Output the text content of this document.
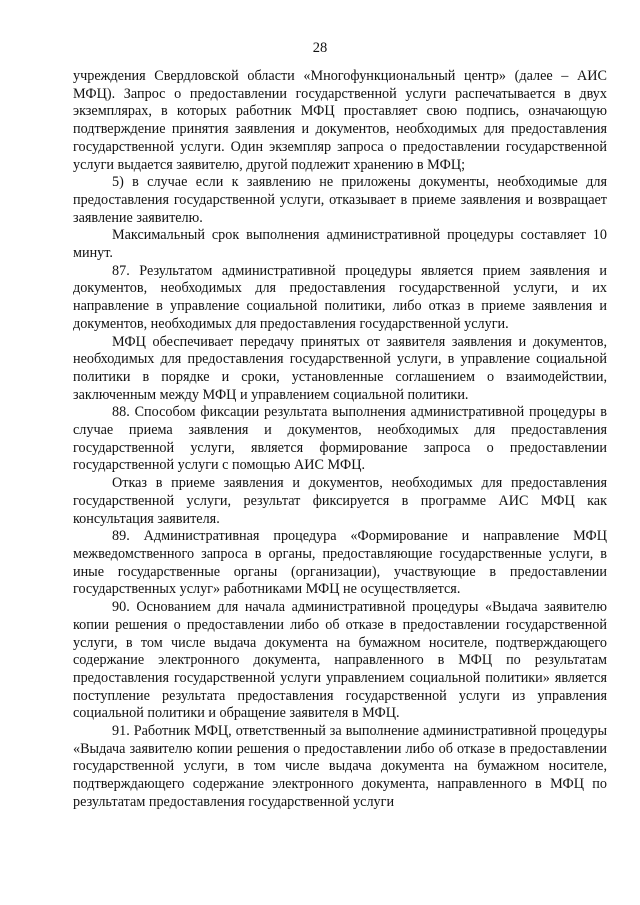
28

учреждения Свердловской области «Многофункциональный центр» (далее – АИС МФЦ). Запрос о предоставлении государственной услуги распечатывается в двух экземплярах, в которых работник МФЦ проставляет свою подпись, означающую подтверждение принятия заявления и документов, необходимых для предоставления государственной услуги. Один экземпляр запроса о предоставлении государственной услуги выдается заявителю, другой подлежит хранению в МФЦ;

5) в случае если к заявлению не приложены документы, необходимые для предоставления государственной услуги, отказывает в приеме заявления и возвращает заявление заявителю.

Максимальный срок выполнения административной процедуры составляет 10 минут.

87. Результатом административной процедуры является прием заявления и документов, необходимых для предоставления государственной услуги, и их направление в управление социальной политики, либо отказ в приеме заявления и документов, необходимых для предоставления государственной услуги.

МФЦ обеспечивает передачу принятых от заявителя заявления и документов, необходимых для предоставления государственной услуги, в управление социальной политики в порядке и сроки, установленные соглашением о взаимодействии, заключенным между МФЦ и управлением социальной политики.

88. Способом фиксации результата выполнения административной процедуры в случае приема заявления и документов, необходимых для предоставления государственной услуги, является формирование запроса о предоставлении государственной услуги с помощью АИС МФЦ.

Отказ в приеме заявления и документов, необходимых для предоставления государственной услуги, результат фиксируется в программе АИС МФЦ как консультация заявителя.

89. Административная процедура «Формирование и направление МФЦ межведомственного запроса в органы, предоставляющие государственные услуги, в иные государственные органы (организации), участвующие в предоставлении государственных услуг» работниками МФЦ не осуществляется.

90. Основанием для начала административной процедуры «Выдача заявителю копии решения о предоставлении либо об отказе в предоставлении государственной услуги, в том числе выдача документа на бумажном носителе, подтверждающего содержание электронного документа, направленного в МФЦ по результатам предоставления государственной услуги управлением социальной политики» является поступление результата предоставления государственной услуги из управления социальной политики и обращение заявителя в МФЦ.

91. Работник МФЦ, ответственный за выполнение административной процедуры «Выдача заявителю копии решения о предоставлении либо об отказе в предоставлении государственной услуги, в том числе выдача документа на бумажном носителе, подтверждающего содержание электронного документа, направленного в МФЦ по результатам предоставления государственной услуги
